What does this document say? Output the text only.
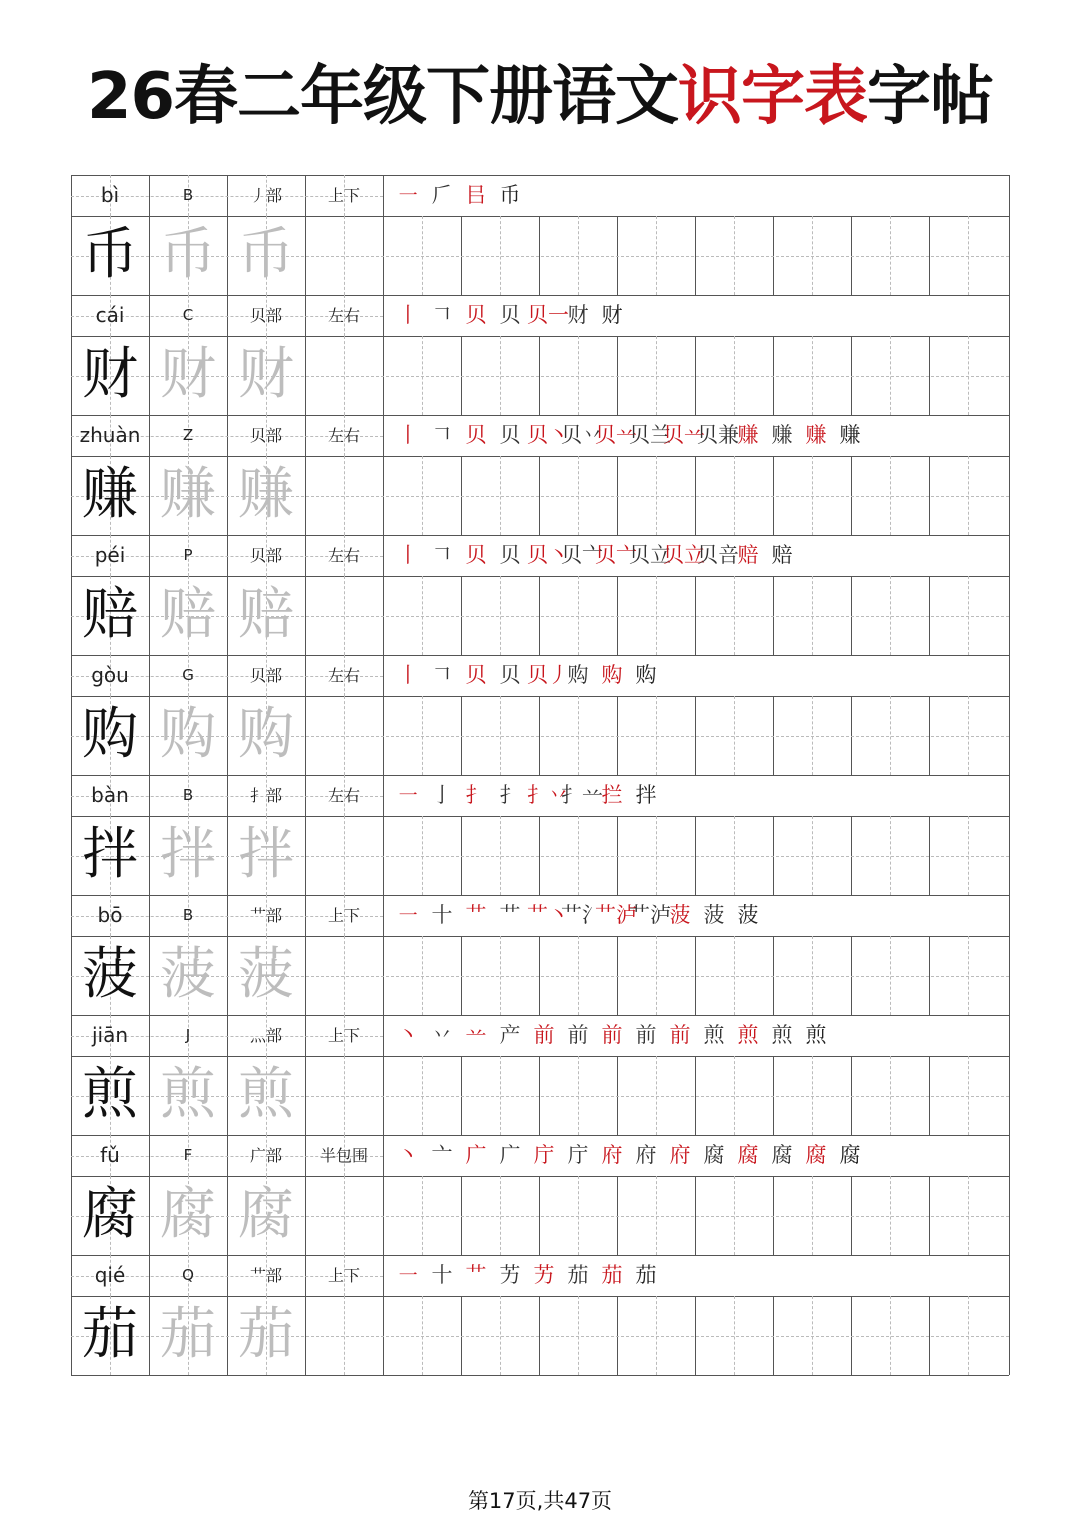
26春二年级下册语文识字表字帖
bì	B	丿部	上下	㇐ 𠂆 㠯 币
币 币 币
cái	C	贝部	左右	丨 𠃍 贝 贝 贝一财 财
财 财 财
zhuàn	Z	贝部	左右	丨 𠃍 贝 贝 贝丶贝丷贝䒑贝兰贝䒑贝兼赚 赚 赚 赚
赚 赚 赚
péi	P	贝部	左右	丨 𠃍 贝 贝 贝丶贝亠贝亠贝立贝立贝咅赔 赔
赔 赔 赔
gòu	G	贝部	左右	丨 𠃍 贝 贝 贝丿购 购 购
购 购 购
bàn	B	扌部	左右	㇐ 亅 扌 扌 扌丷扌䒑拦 拌
拌 拌 拌
bō	B	艹部	上下	㇐ 十 艹 艹 艹丶艹氵艹泸艹泸菠 菠 菠
菠 菠 菠
jiān	J	灬部	上下	丶 丷 䒑 产 前 前 前 前 前 煎 煎 煎 煎
煎 煎 煎
fǔ	F	广部	半包围	丶 亠 广 广 庁 庁 府 府 府 腐 腐 腐 腐 腐
腐 腐 腐
qié	Q	艹部	上下	㇐ 十 艹 艻 艻 茄 茄 茄
茄 茄 茄
第17页,共47页
